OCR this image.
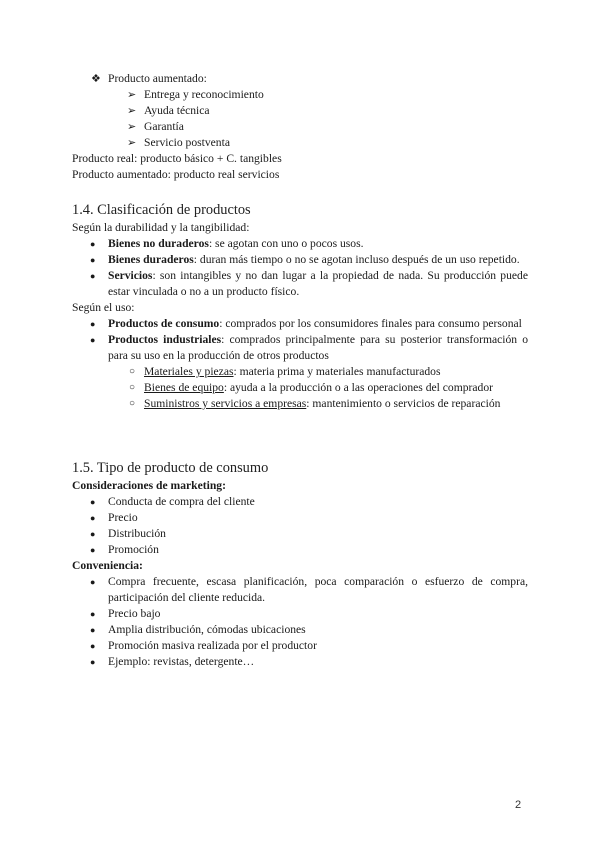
❖ Producto aumentado:
➢ Entrega y reconocimiento
➢ Ayuda técnica
➢ Garantía
➢ Servicio postventa

Producto real: producto básico + C. tangibles

Producto aumentado: producto real servicios

1.4. Clasificación de productos

Según la durabilidad y la tangibilidad:

● Bienes no duraderos: se agotan con uno o pocos usos.
● Bienes duraderos: duran más tiempo o no se agotan incluso después de un uso repetido.
● Servicios: son intangibles y no dan lugar a la propiedad de nada. Su producción puede estar vinculada o no a un producto físico.

Según el uso:

● Productos de consumo: comprados por los consumidores finales para consumo personal
● Productos industriales: comprados principalmente para su posterior transformación o para su uso en la producción de otros productos
○ Materiales y piezas: materia prima y materiales manufacturados
○ Bienes de equipo: ayuda a la producción o a las operaciones del comprador
○ Suministros y servicios a empresas: mantenimiento o servicios de reparación

1.5. Tipo de producto de consumo

Consideraciones de marketing:

● Conducta de compra del cliente
● Precio
● Distribución
● Promoción

Conveniencia:

● Compra frecuente, escasa planificación, poca comparación o esfuerzo de compra, participación del cliente reducida.
● Precio bajo
● Amplia distribución, cómodas ubicaciones
● Promoción masiva realizada por el productor
● Ejemplo: revistas, detergente…
2
